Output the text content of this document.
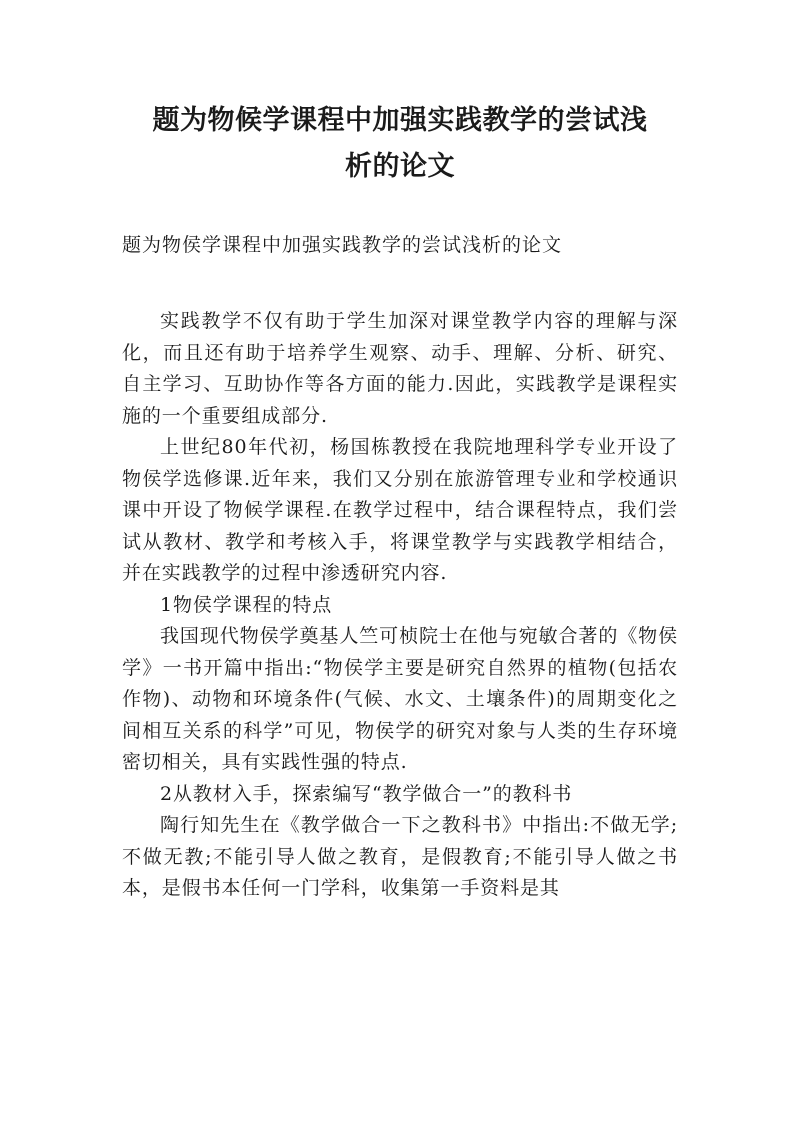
题为物候学课程中加强实践教学的尝试浅
析的论文

题为物侯学课程中加强实践教学的尝试浅析的论文

实践教学不仅有助于学生加深对课堂教学内容的理解与深化，而且还有助于培养学生观察、动手、理解、分析、研究、自主学习、互助协作等各方面的能力.因此，实践教学是课程实施的一个重要组成部分.

上世纪80年代初，杨国栋教授在我院地理科学专业开设了物侯学选修课.近年来，我们又分别在旅游管理专业和学校通识课中开设了物候学课程.在教学过程中，结合课程特点，我们尝试从教材、教学和考核入手，将课堂教学与实践教学相结合，并在实践教学的过程中渗透研究内容.

1物侯学课程的特点

我国现代物侯学奠基人竺可桢院士在他与宛敏合著的《物侯学》一书开篇中指出:“物侯学主要是研究自然界的植物(包括农作物)、动物和环境条件(气候、水文、土壤条件)的周期变化之间相互关系的科学”可见，物侯学的研究对象与人类的生存环境密切相关，具有实践性强的特点.

2从教材入手，探索编写“教学做合一”的教科书

陶行知先生在《教学做合一下之教科书》中指出:不做无学;不做无教;不能引导人做之教育，是假教育;不能引导人做之书本，是假书本任何一门学科，收集第一手资料是其
